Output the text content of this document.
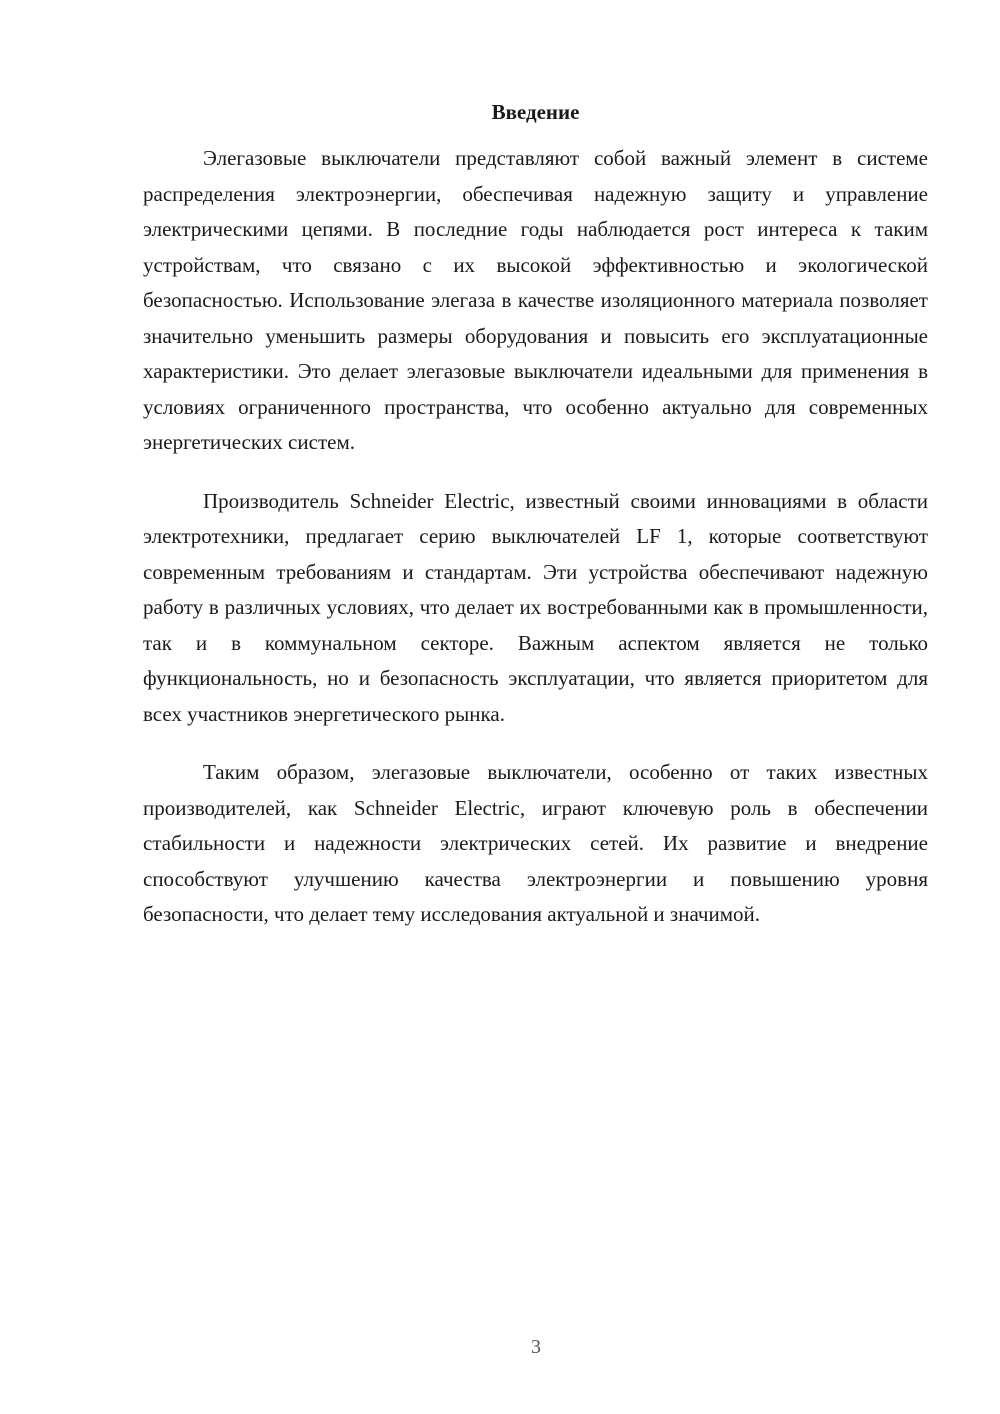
Введение

Элегазовые выключатели представляют собой важный элемент в системе распределения электроэнергии, обеспечивая надежную защиту и управление электрическими цепями. В последние годы наблюдается рост интереса к таким устройствам, что связано с их высокой эффективностью и экологической безопасностью. Использование элегаза в качестве изоляционного материала позволяет значительно уменьшить размеры оборудования и повысить его эксплуатационные характеристики. Это делает элегазовые выключатели идеальными для применения в условиях ограниченного пространства, что особенно актуально для современных энергетических систем.

Производитель Schneider Electric, известный своими инновациями в области электротехники, предлагает серию выключателей LF 1, которые соответствуют современным требованиям и стандартам. Эти устройства обеспечивают надежную работу в различных условиях, что делает их востребованными как в промышленности, так и в коммунальном секторе. Важным аспектом является не только функциональность, но и безопасность эксплуатации, что является приоритетом для всех участников энергетического рынка.

Таким образом, элегазовые выключатели, особенно от таких известных производителей, как Schneider Electric, играют ключевую роль в обеспечении стабильности и надежности электрических сетей. Их развитие и внедрение способствуют улучшению качества электроэнергии и повышению уровня безопасности, что делает тему исследования актуальной и значимой.

3
